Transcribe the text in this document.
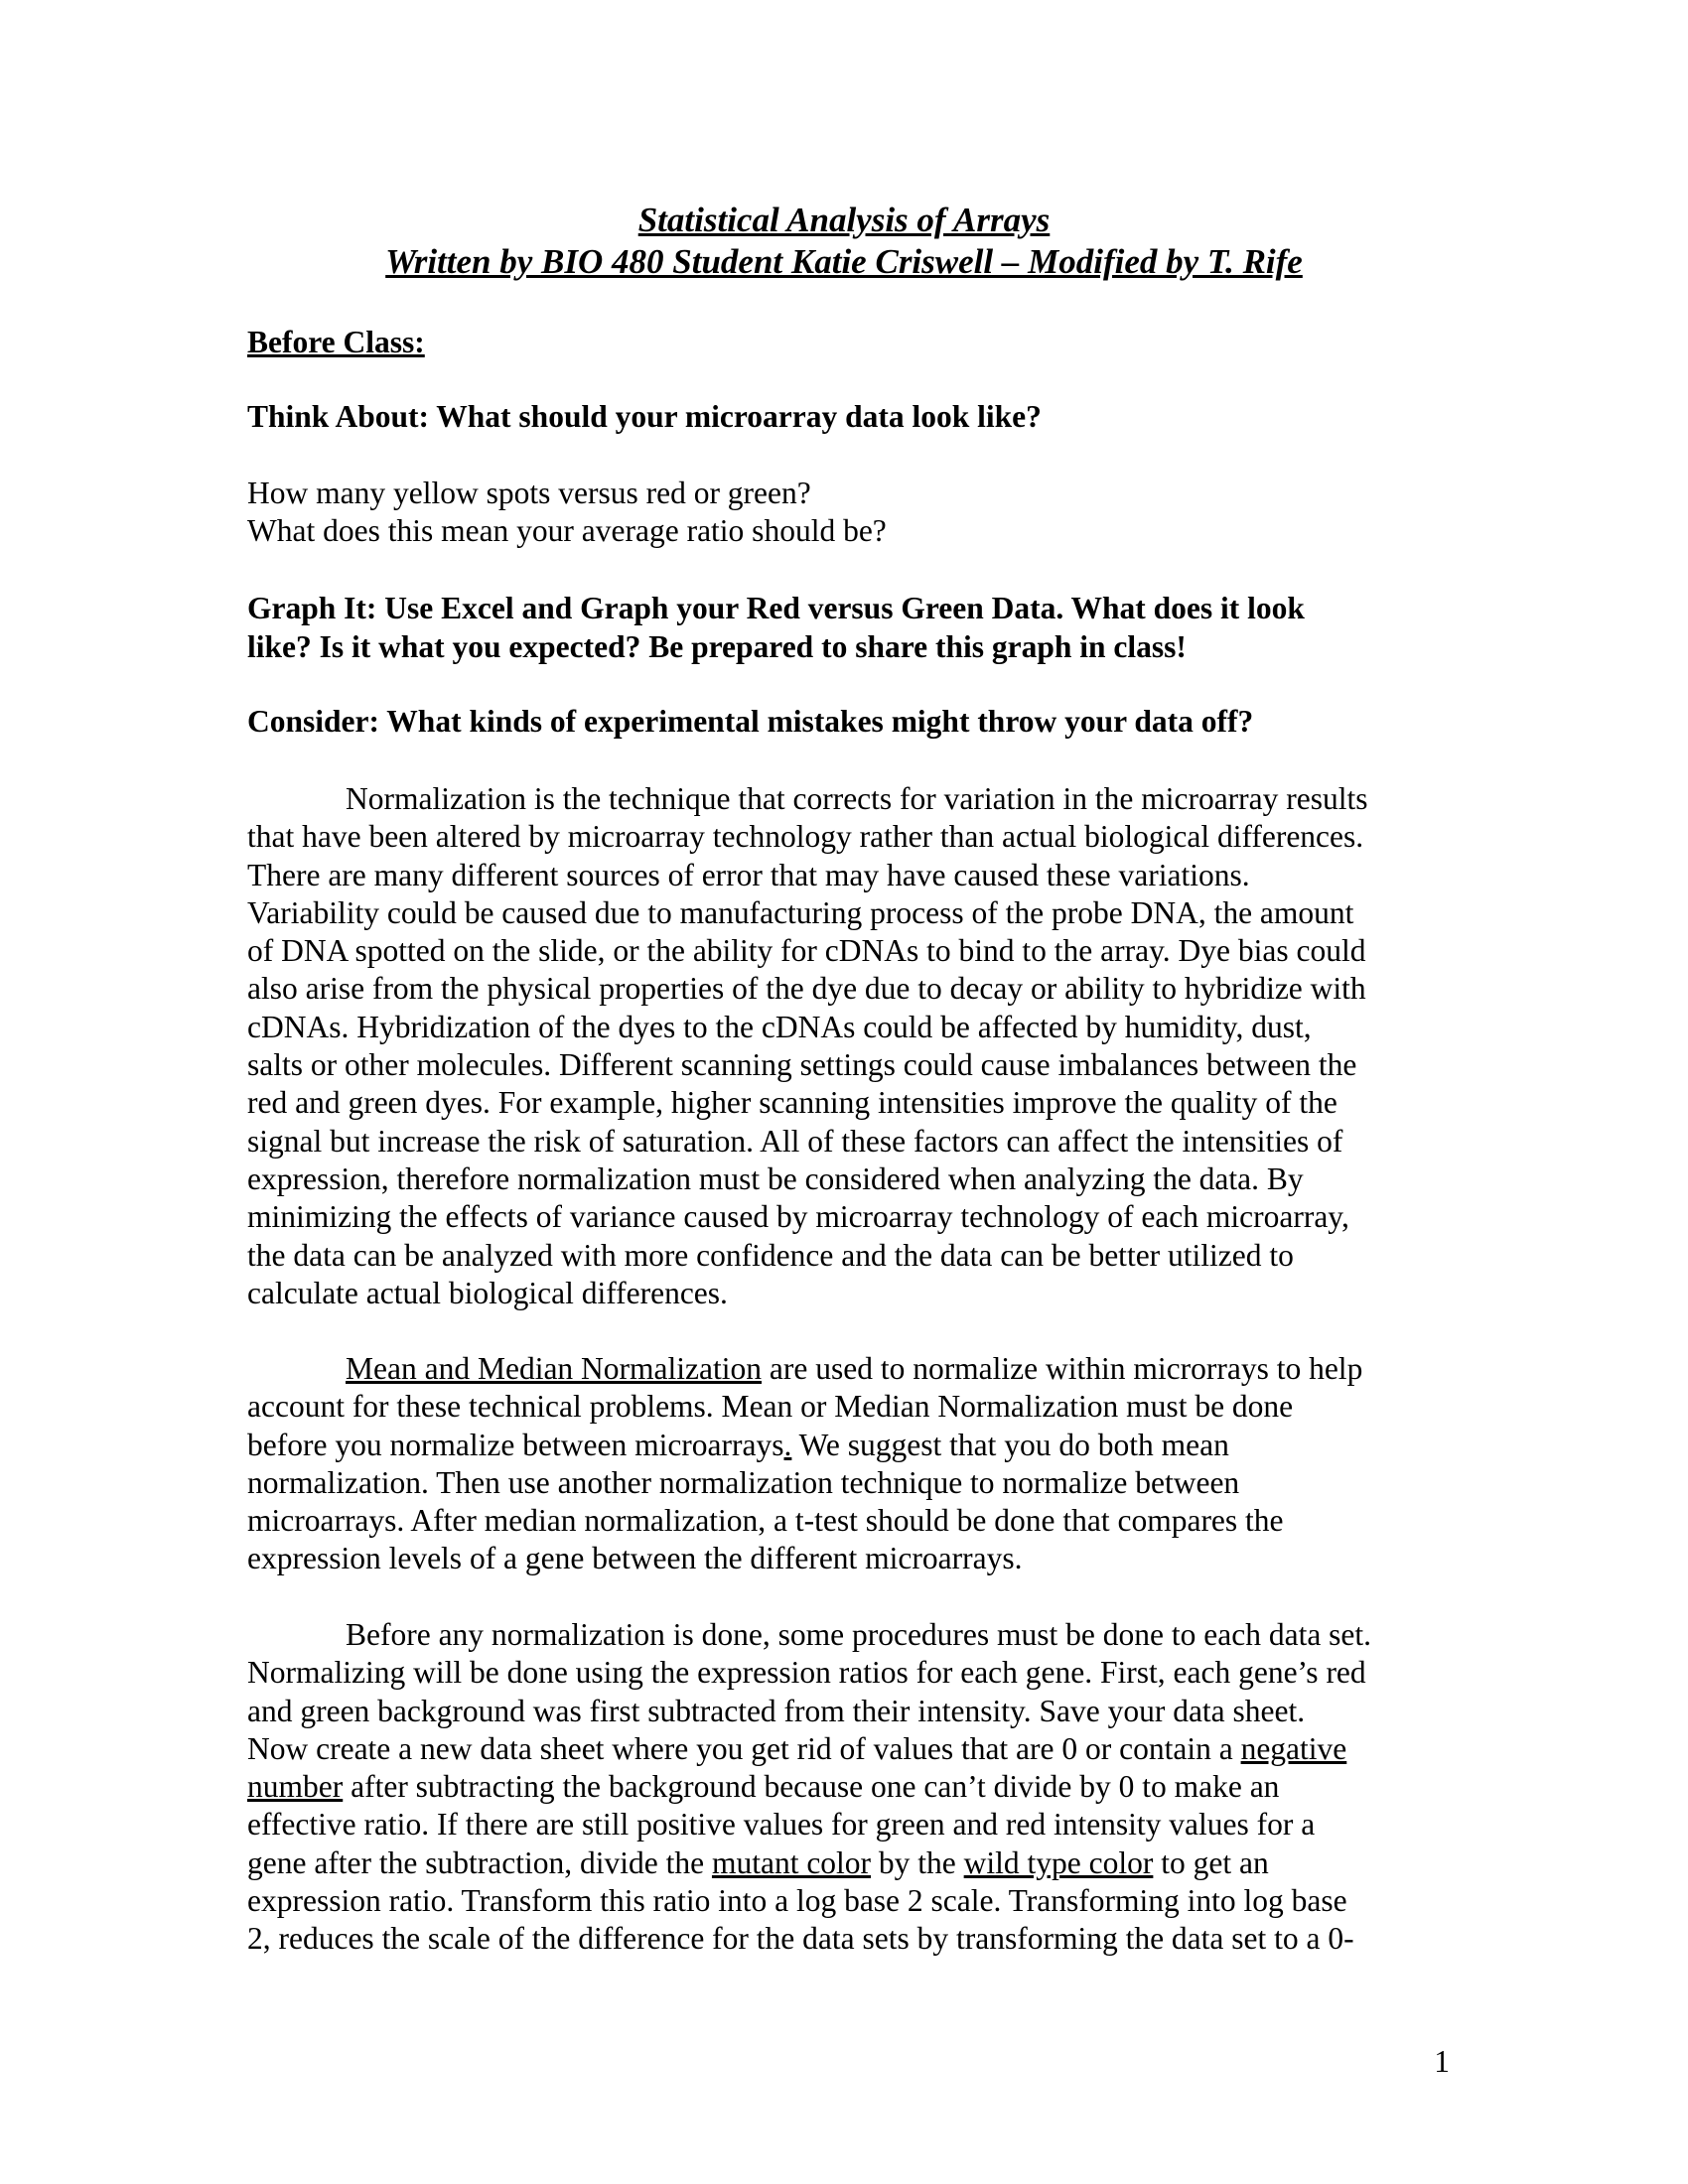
Statistical Analysis of Arrays

Written by BIO 480 Student Katie Criswell – Modified by T. Rife

Before Class:

Think About: What should your microarray data look like?

How many yellow spots versus red or green?
What does this mean your average ratio should be?
Graph It: Use Excel and Graph your Red versus Green Data. What does it look
like? Is it what you expected? Be prepared to share this graph in class!

Consider: What kinds of experimental mistakes might throw your data off?

Normalization is the technique that corrects for variation in the microarray results
that have been altered by microarray technology rather than actual biological differences.
There are many different sources of error that may have caused these variations.
Variability could be caused due to manufacturing process of the probe DNA, the amount
of DNA spotted on the slide, or the ability for cDNAs to bind to the array. Dye bias could
also arise from the physical properties of the dye due to decay or ability to hybridize with
cDNAs. Hybridization of the dyes to the cDNAs could be affected by humidity, dust,
salts or other molecules. Different scanning settings could cause imbalances between the
red and green dyes. For example, higher scanning intensities improve the quality of the
signal but increase the risk of saturation. All of these factors can affect the intensities of
expression, therefore normalization must be considered when analyzing the data. By
minimizing the effects of variance caused by microarray technology of each microarray,
the data can be analyzed with more confidence and the data can be better utilized to
calculate actual biological differences.
Mean and Median Normalization are used to normalize within microrrays to help
account for these technical problems. Mean or Median Normalization must be done
before you normalize between microarrays. We suggest that you do both mean
normalization. Then use another normalization technique to normalize between
microarrays. After median normalization, a t-test should be done that compares the
expression levels of a gene between the different microarrays.
Before any normalization is done, some procedures must be done to each data set.
Normalizing will be done using the expression ratios for each gene. First, each gene’s red
and green background was first subtracted from their intensity. Save your data sheet.
Now create a new data sheet where you get rid of values that are 0 or contain a negative
number after subtracting the background because one can’t divide by 0 to make an
effective ratio. If there are still positive values for green and red intensity values for a
gene after the subtraction, divide the mutant color by the wild type color to get an
expression ratio. Transform this ratio into a log base 2 scale. Transforming into log base
2, reduces the scale of the difference for the data sets by transforming the data set to a 0-
1
